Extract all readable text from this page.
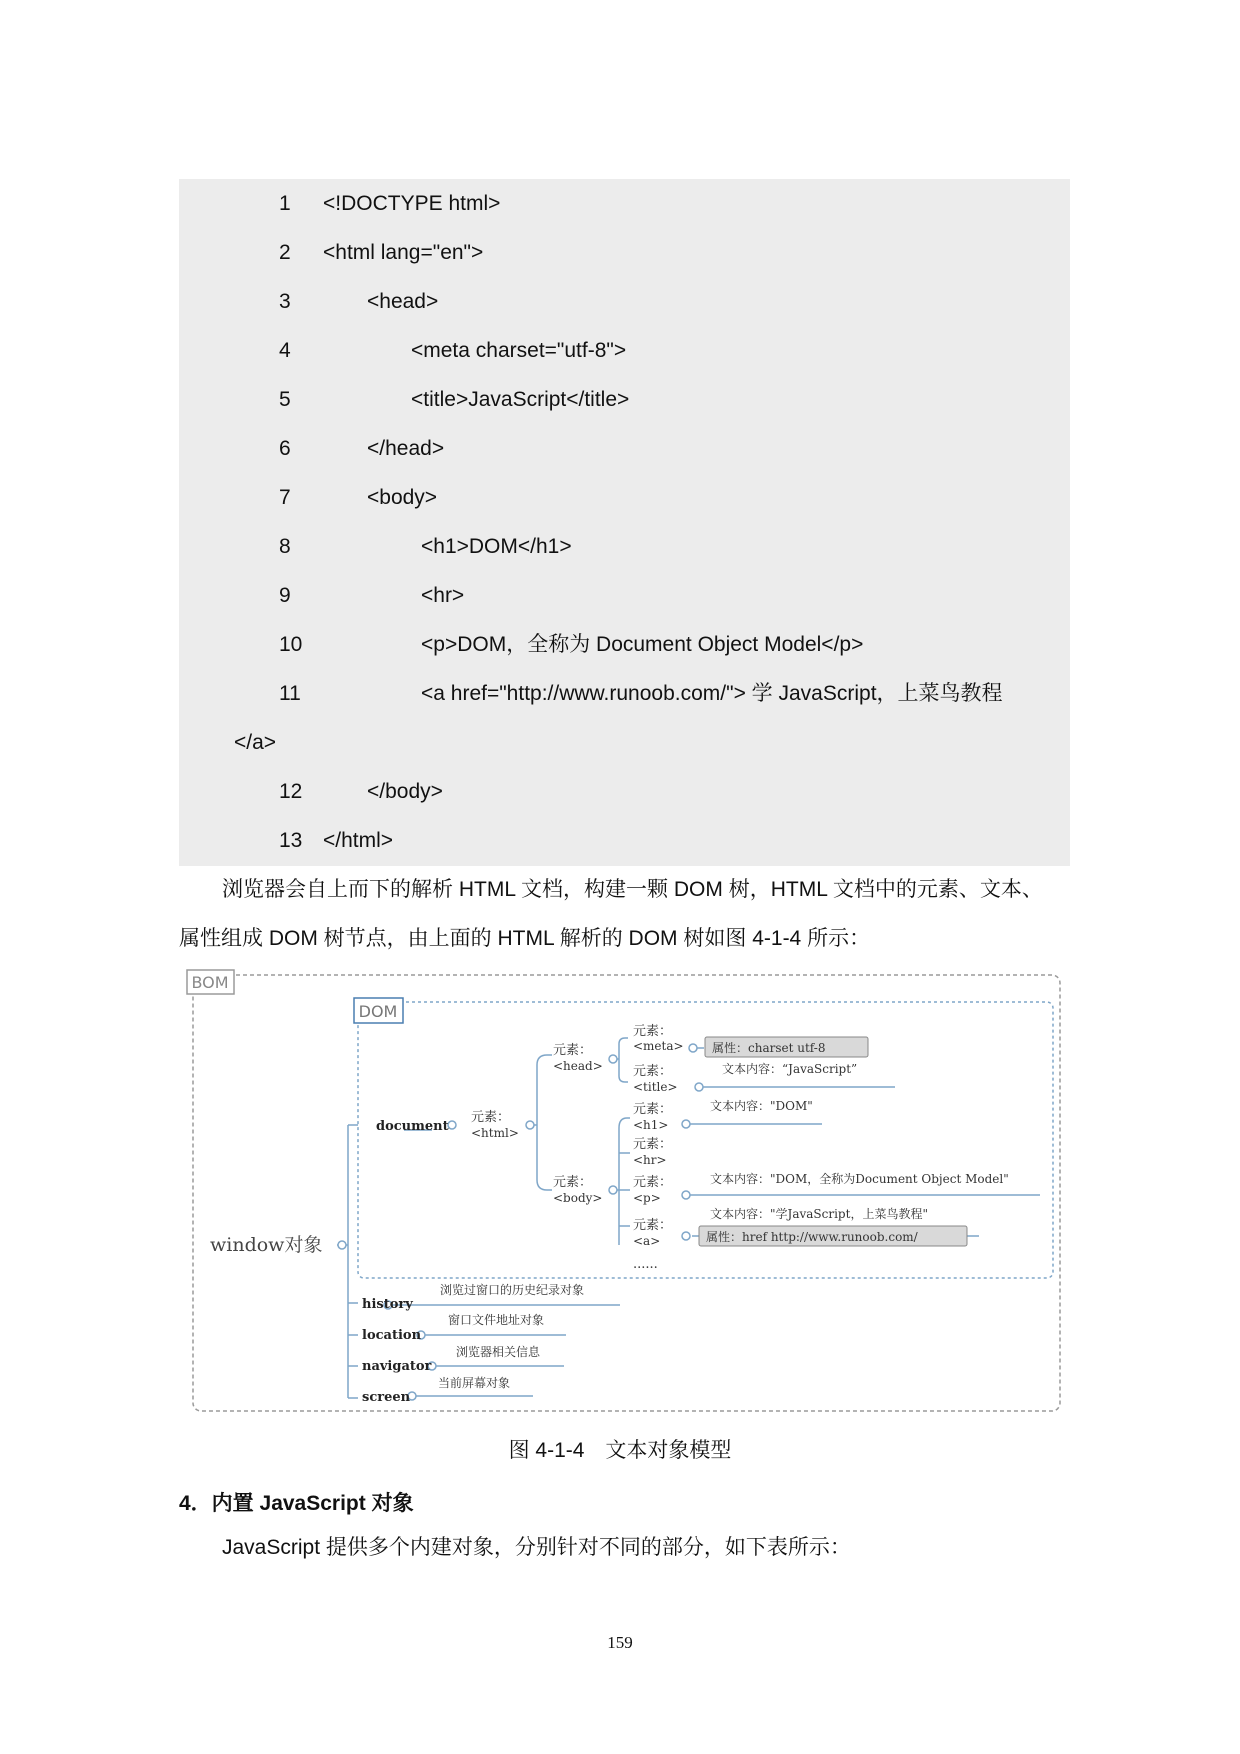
1 <!DOCTYPE html>
2 <html lang="en">
3	<head>
4	<meta charset="utf-8">
5	<title>JavaScript</title>
6	</head>
7	<body>
8	<h1>DOM</h1>
9	<hr>
10	<p>DOM，全称为 Document Object Model</p>
11	<a href="http://www.runoob.com/"> 学 JavaScript，上菜鸟教程
</a>
12	</body>
13 </html>
浏览器会自上而下的解析 HTML 文档，构建一颗 DOM 树，HTML 文档中的元素、文本、
属性组成 DOM 树节点，由上面的 HTML 解析的 DOM 树如图 4-1-4 所示：
BOM
DOM
window对象
document
元素：
<html>
元素：
<head>
元素：
<body>
元素：
<meta>
元素：
<title>
元素：
<h1>
元素：
<hr>
元素：
<p>
元素：
<a>
......
属性：charset utf-8
文本内容：“JavaScript”
文本内容："DOM"
文本内容："DOM，全称为Document Object Model"
文本内容："学JavaScript，上菜鸟教程"
属性：href http://www.runoob.com/
history
浏览过窗口的历史纪录对象
location
窗口文件地址对象
navigator
浏览器相关信息
screen
当前屏幕对象
图 4-1-4　文本对象模型
4．内置 JavaScript 对象
JavaScript 提供多个内建对象，分别针对不同的部分，如下表所示：
159
